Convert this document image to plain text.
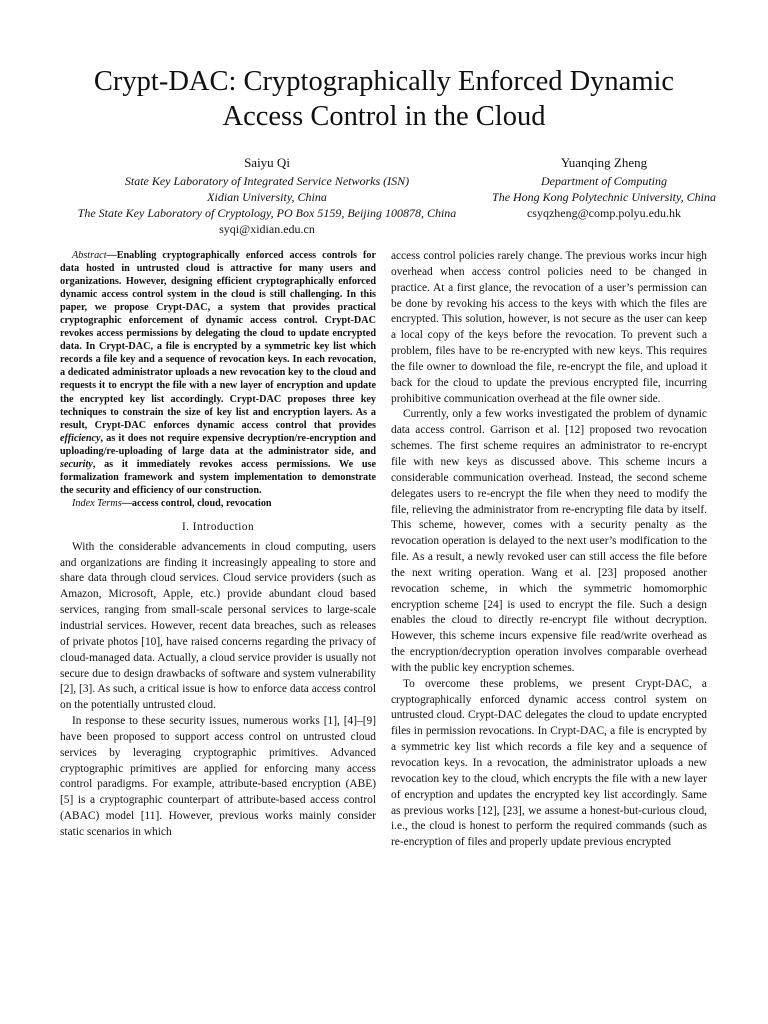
Crypt-DAC: Cryptographically Enforced Dynamic
Access Control in the Cloud
Saiyu Qi
State Key Laboratory of Integrated Service Networks (ISN)
Xidian University, China
The State Key Laboratory of Cryptology, PO Box 5159, Beijing 100878, China
syqi@xidian.edu.cn
Yuanqing Zheng
Department of Computing
The Hong Kong Polytechnic University, China
csyqzheng@comp.polyu.edu.hk

Abstract—Enabling cryptographically enforced access controls for data hosted in untrusted cloud is attractive for many users and organizations. However, designing efficient cryptographically enforced dynamic access control system in the cloud is still challenging. In this paper, we propose Crypt-DAC, a system that provides practical cryptographic enforcement of dynamic access control. Crypt-DAC revokes access permissions by delegating the cloud to update encrypted data. In Crypt-DAC, a file is encrypted by a symmetric key list which records a file key and a sequence of revocation keys. In each revocation, a dedicated administrator uploads a new revocation key to the cloud and requests it to encrypt the file with a new layer of encryption and update the encrypted key list accordingly. Crypt-DAC proposes three key techniques to constrain the size of key list and encryption layers. As a result, Crypt-DAC enforces dynamic access control that provides efficiency, as it does not require expensive decryption/re-encryption and uploading/re-uploading of large data at the administrator side, and security, as it immediately revokes access permissions. We use formalization framework and system implementation to demonstrate the security and efficiency of our construction.

Index Terms—access control, cloud, revocation

I. Introduction

With the considerable advancements in cloud computing, users and organizations are finding it increasingly appealing to store and share data through cloud services. Cloud service providers (such as Amazon, Microsoft, Apple, etc.) provide abundant cloud based services, ranging from small-scale personal services to large-scale industrial services. However, recent data breaches, such as releases of private photos [10], have raised concerns regarding the privacy of cloud-managed data. Actually, a cloud service provider is usually not secure due to design drawbacks of software and system vulnerability [2], [3]. As such, a critical issue is how to enforce data access control on the potentially untrusted cloud.

In response to these security issues, numerous works [1], [4]–[9] have been proposed to support access control on untrusted cloud services by leveraging cryptographic primitives. Advanced cryptographic primitives are applied for enforcing many access control paradigms. For example, attribute-based encryption (ABE) [5] is a cryptographic counterpart of attribute-based access control (ABAC) model [11]. However, previous works mainly consider static scenarios in which

access control policies rarely change. The previous works incur high overhead when access control policies need to be changed in practice. At a first glance, the revocation of a user’s permission can be done by revoking his access to the keys with which the files are encrypted. This solution, however, is not secure as the user can keep a local copy of the keys before the revocation. To prevent such a problem, files have to be re-encrypted with new keys. This requires the file owner to download the file, re-encrypt the file, and upload it back for the cloud to update the previous encrypted file, incurring prohibitive communication overhead at the file owner side.

Currently, only a few works investigated the problem of dynamic data access control. Garrison et al. [12] proposed two revocation schemes. The first scheme requires an administrator to re-encrypt file with new keys as discussed above. This scheme incurs a considerable communication overhead. Instead, the second scheme delegates users to re-encrypt the file when they need to modify the file, relieving the administrator from re-encrypting file data by itself. This scheme, however, comes with a security penalty as the revocation operation is delayed to the next user’s modification to the file. As a result, a newly revoked user can still access the file before the next writing operation. Wang et al. [23] proposed another revocation scheme, in which the symmetric homomorphic encryption scheme [24] is used to encrypt the file. Such a design enables the cloud to directly re-encrypt file without decryption. However, this scheme incurs expensive file read/write overhead as the encryption/decryption operation involves comparable overhead with the public key encryption schemes.

To overcome these problems, we present Crypt-DAC, a cryptographically enforced dynamic access control system on untrusted cloud. Crypt-DAC delegates the cloud to update encrypted files in permission revocations. In Crypt-DAC, a file is encrypted by a symmetric key list which records a file key and a sequence of revocation keys. In a revocation, the administrator uploads a new revocation key to the cloud, which encrypts the file with a new layer of encryption and updates the encrypted key list accordingly. Same as previous works [12], [23], we assume a honest-but-curious cloud, i.e., the cloud is honest to perform the required commands (such as re-encryption of files and properly update previous encrypted
